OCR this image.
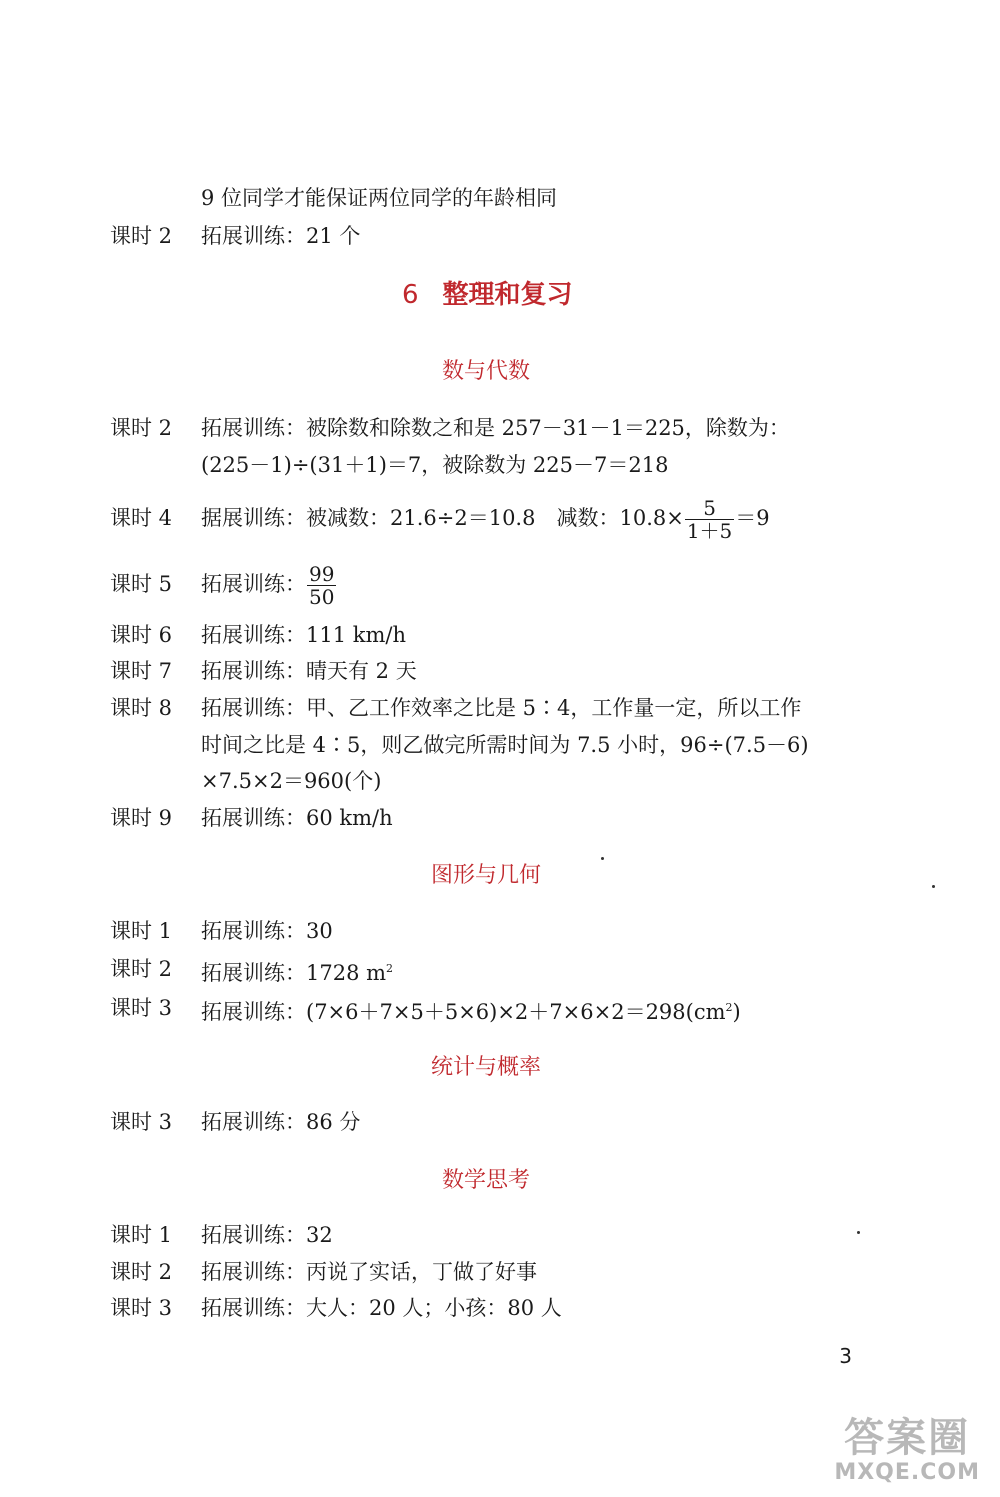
9 位同学才能保证两位同学的年龄相同
课时 2 拓展训练：21 个
6 整理和复习
数与代数
课时 2 拓展训练：被除数和除数之和是 257－31－1＝225，除数为：
(225－1)÷(31＋1)＝7，被除数为 225－7＝218
课时 4 据展训练：被减数：21.6÷2＝10.8　减数：$10.8\times \frac{5}{1+5} =9$
课时 5 拓展训练： $\frac{99}{50}$
课时 6 拓展训练：111 km/h
课时 7 拓展训练：晴天有 2 天
课时 8 拓展训练：甲、乙工作效率之比是 5∶4，工作量一定，所以工作
时间之比是 4∶5，则乙做完所需时间为 7.5 小时，96÷(7.5－6)
×7.5×2＝960(个)
课时 9 拓展训练：60 km/h
图形与几何
课时 1 拓展训练：30
课时 2 拓展训练：1728 $m^2$
课时 3 拓展训练：$(7\times 6+7\times 5+5\times 6)\times 2+7\times 6\times 2=298(cm^2)$
统计与概率
课时 3 拓展训练：86 分
数学思考
课时 1 拓展训练：32
课时 2 拓展训练：丙说了实话，丁做了好事
课时 3 拓展训练：大人：20 人；小孩：80 人
3
答案圈
MXQE.COM
